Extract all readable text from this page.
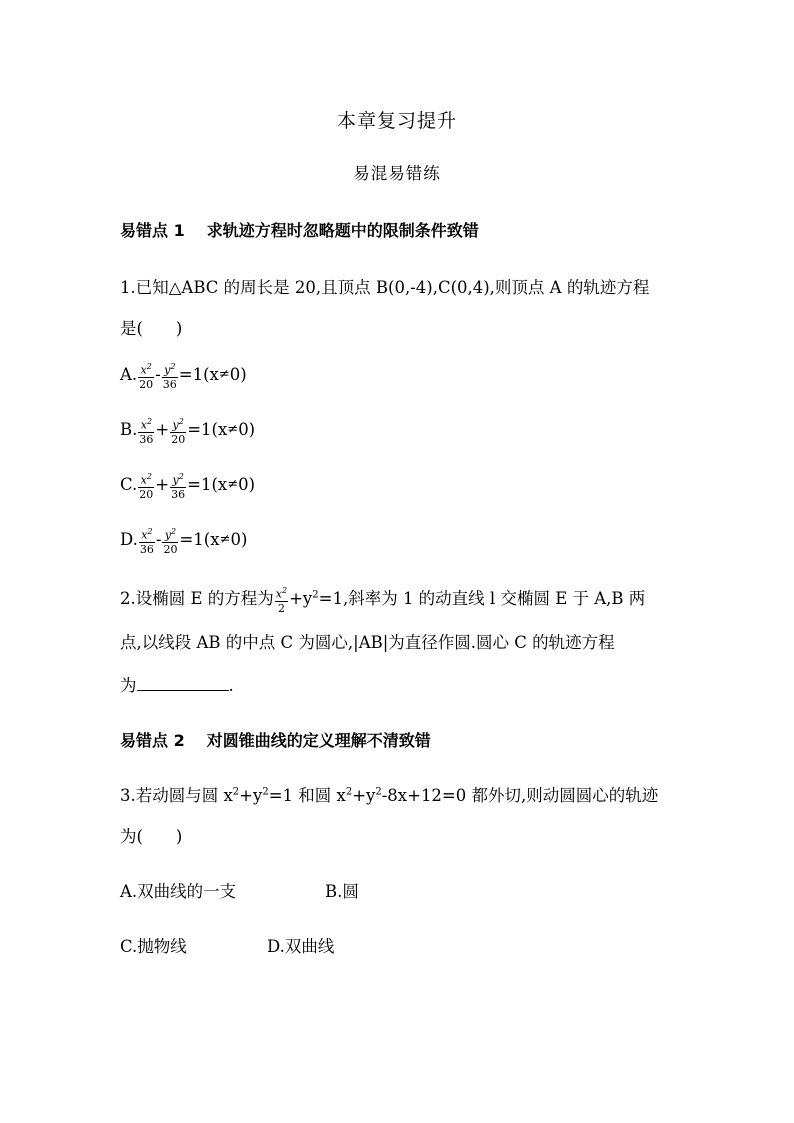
本章复习提升
易混易错练
易错点 1 求轨迹方程时忽略题中的限制条件致错
1.已知△ABC 的周长是 20,且顶点 B(0,-4),C(0,4),则顶点 A 的轨迹方程
是(　　)
A. $\frac{x^2}{20} - \frac{y^2}{36} =1(x\ne 0)$
B. $\frac{x^2}{36} + \frac{y^2}{20} =1(x\ne 0)$
C. $\frac{x^2}{20} + \frac{y^2}{36} =1(x\ne 0)$
D. $\frac{x^2}{36} - \frac{y^2}{20} =1(x\ne 0)$
2.设椭圆 E 的方程为 $\frac{x^2}{2} +y^2=1$,斜率为 1 的动直线 l 交椭圆 E 于 A,B 两
点,以线段 AB 的中点 C 为圆心,|AB|为直径作圆.圆心 C 的轨迹方程
为	.
易错点 2 对圆锥曲线的定义理解不清致错
3.若动圆与圆 $x^2+y^2=1$ 和圆 $x^2+y^2-8x+12=0$ 都外切,则动圆圆心的轨迹
为(　　)
A.双曲线的一支	B.圆
C.抛物线	D.双曲线
